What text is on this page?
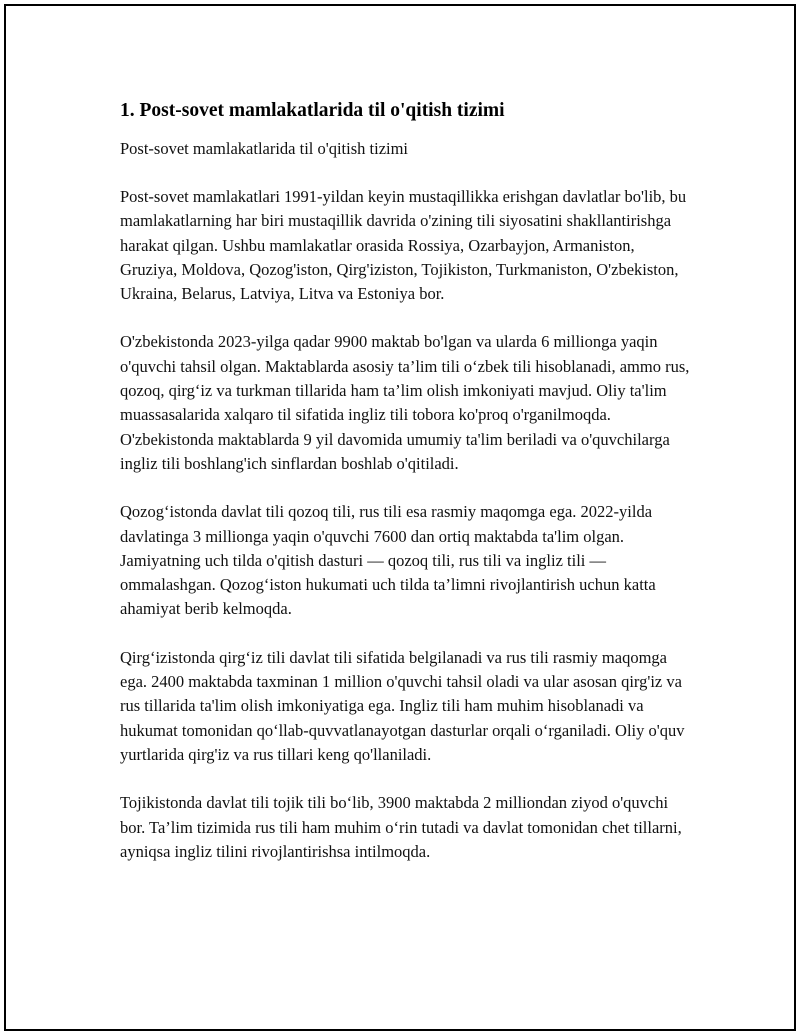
1. Post-sovet mamlakatlarida til o'qitish tizimi

Post-sovet mamlakatlarida til o'qitish tizimi

Post-sovet mamlakatlari 1991-yildan keyin mustaqillikka erishgan davlatlar bo'lib, bu mamlakatlarning har biri mustaqillik davrida o'zining tili siyosatini shakllantirishga harakat qilgan. Ushbu mamlakatlar orasida Rossiya, Ozarbayjon, Armaniston, Gruziya, Moldova, Qozog'iston, Qirg'iziston, Tojikiston, Turkmaniston, O'zbekiston, Ukraina, Belarus, Latviya, Litva va Estoniya bor.

O'zbekistonda 2023-yilga qadar 9900 maktab bo'lgan va ularda 6 millionga yaqin o'quvchi tahsil olgan. Maktablarda asosiy ta’lim tili o‘zbek tili hisoblanadi, ammo rus, qozoq, qirg‘iz va turkman tillarida ham ta’lim olish imkoniyati mavjud. Oliy ta'lim muassasalarida xalqaro til sifatida ingliz tili tobora ko'proq o'rganilmoqda. O'zbekistonda maktablarda 9 yil davomida umumiy ta'lim beriladi va o'quvchilarga ingliz tili boshlang'ich sinflardan boshlab o'qitiladi.

Qozog‘istonda davlat tili qozoq tili, rus tili esa rasmiy maqomga ega. 2022-yilda davlatinga 3 millionga yaqin o'quvchi 7600 dan ortiq maktabda ta'lim olgan. Jamiyatning uch tilda o'qitish dasturi — qozoq tili, rus tili va ingliz tili — ommalashgan. Qozog‘iston hukumati uch tilda ta’limni rivojlantirish uchun katta ahamiyat berib kelmoqda.

Qirg‘izistonda qirg‘iz tili davlat tili sifatida belgilanadi va rus tili rasmiy maqomga ega. 2400 maktabda taxminan 1 million o'quvchi tahsil oladi va ular asosan qirg'iz va rus tillarida ta'lim olish imkoniyatiga ega. Ingliz tili ham muhim hisoblanadi va hukumat tomonidan qo‘llab-quvvatlanayotgan dasturlar orqali o‘rganiladi. Oliy o'quv yurtlarida qirg'iz va rus tillari keng qo'llaniladi.

Tojikistonda davlat tili tojik tili bo‘lib, 3900 maktabda 2 milliondan ziyod o'quvchi bor. Ta’lim tizimida rus tili ham muhim o‘rin tutadi va davlat tomonidan chet tillarni, ayniqsa ingliz tilini rivojlantirishsa intilmoqda.
